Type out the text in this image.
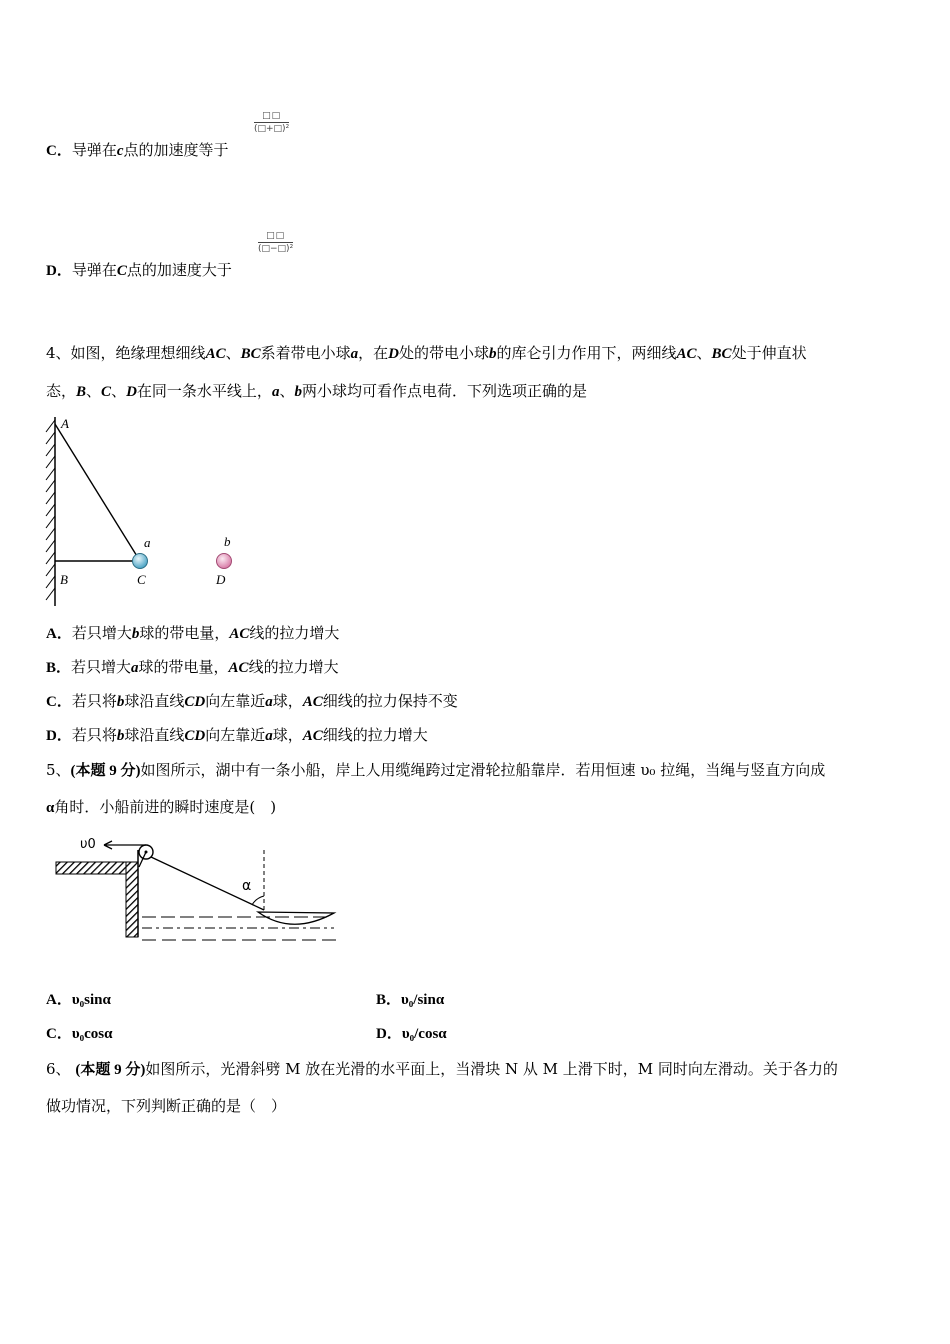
C．导弹在c点的加速度等于
□□
(□+□)²
D．导弹在C点的加速度大于
□□
(□−□)²
4、如图，绝缘理想细线AC、BC系着带电小球a，在D处的带电小球b的库仑引力作用下，两细线AC、BC处于伸直状
态，B、C、D在同一条水平线上，a、b两小球均可看作点电荷．下列选项正确的是
A
B	C	D
a	b
A．若只增大b球的带电量，AC线的拉力增大
B．若只增大a球的带电量，AC线的拉力增大
C．若只将b球沿直线CD向左靠近a球，AC细线的拉力保持不变
D．若只将b球沿直线CD向左靠近a球，AC细线的拉力增大
5、(本题 9 分)如图所示，湖中有一条小船，岸上人用缆绳跨过定滑轮拉船靠岸．若用恒速 υ₀ 拉绳，当绳与竖直方向成
α角时．小船前进的瞬时速度是(　)
υ0
α
A．υ₀sinα	B．υ₀/sinα
C．υ₀cosα	D．υ₀/cosα
6、 (本题 9 分)如图所示，光滑斜劈 M 放在光滑的水平面上，当滑块 N 从 M 上滑下时，M 同时向左滑动。关于各力的
做功情况，下列判断正确的是（　）
